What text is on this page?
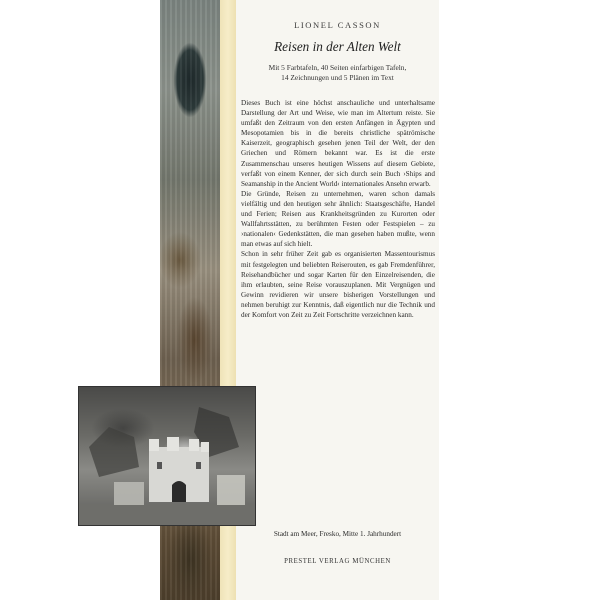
LIONEL CASSON
Reisen in der Alten Welt
Mit 5 Farbtafeln, 40 Seiten einfarbigen Tafeln,
14 Zeichnungen und 5 Plänen im Text

Dieses Buch ist eine höchst anschauliche und unterhaltsame Darstellung der Art und Weise, wie man im Altertum reiste. Sie umfaßt den Zeitraum von den ersten Anfängen in Ägypten und Mesopotamien bis in die bereits christliche spätrömische Kaiserzeit, geographisch gesehen jenen Teil der Welt, der den Griechen und Römern bekannt war. Es ist die erste Zusammenschau unseres heutigen Wissens auf diesem Gebiete, verfaßt von einem Kenner, der sich durch sein Buch ›Ships and Seamanship in the Ancient World‹ internationales Ansehn erwarb.

Die Gründe, Reisen zu unternehmen, waren schon damals vielfältig und den heutigen sehr ähnlich: Staatsgeschäfte, Handel und Ferien; Reisen aus Krankheitsgründen zu Kurorten oder Wallfahrtsstätten, zu berühmten Festen oder Festspielen – zu ›nationalen‹ Gedenkstätten, die man gesehen haben mußte, wenn man etwas auf sich hielt.

Schon in sehr früher Zeit gab es organisierten Massentourismus mit festgelegten und beliebten Reiserouten, es gab Fremdenführer, Reisehandbücher und sogar Karten für den Einzelreisenden, die ihm erlaubten, seine Reise vorauszuplanen. Mit Vergnügen und Gewinn revidieren wir unsere bisherigen Vorstellungen und nehmen beruhigt zur Kenntnis, daß eigentlich nur die Technik und der Komfort von Zeit zu Zeit Fortschritte verzeichnen kann.

Stadt am Meer, Fresko, Mitte 1. Jahrhundert
PRESTEL VERLAG MÜNCHEN
